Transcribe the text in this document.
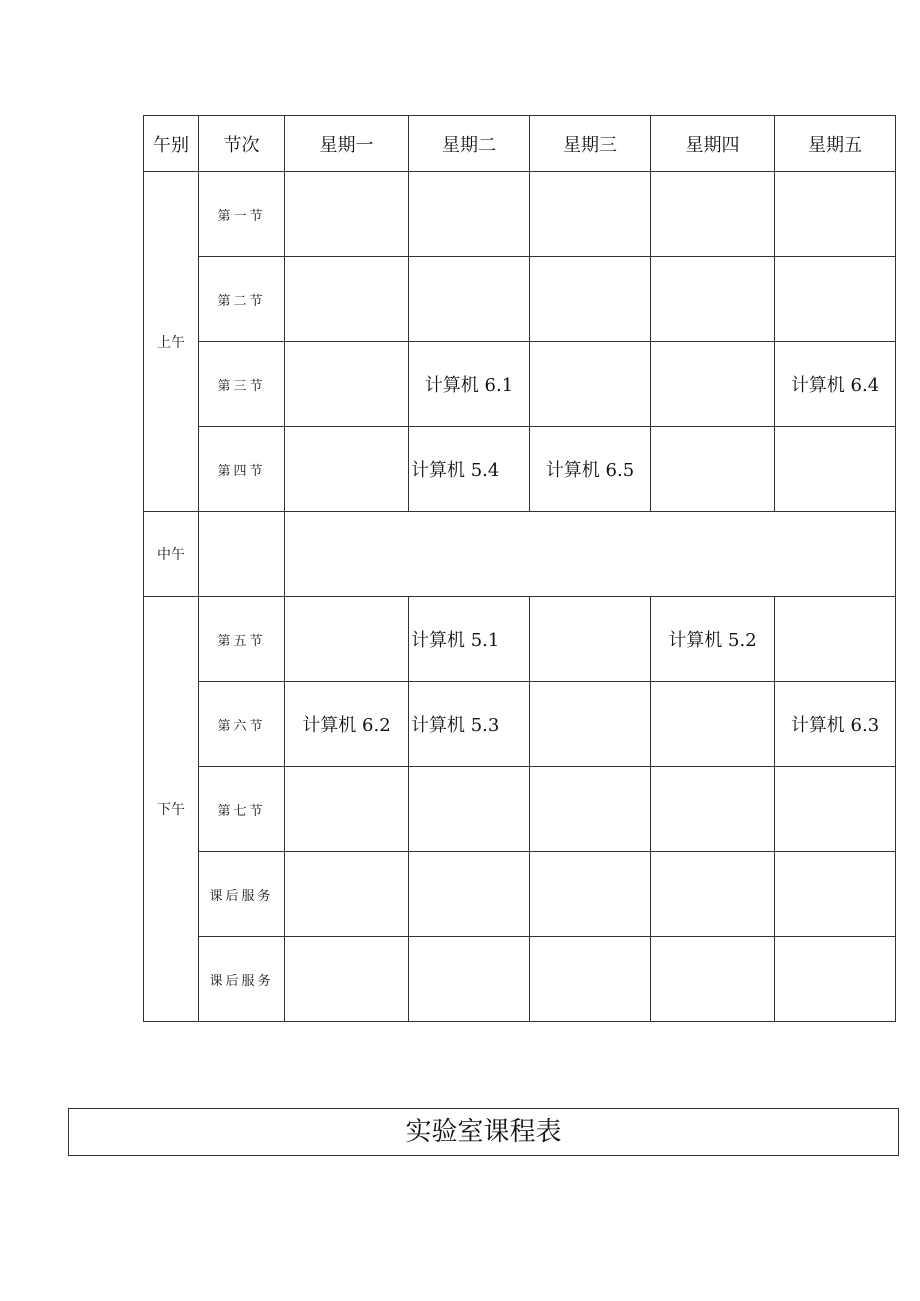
午别	节次	星期一	星期二	星期三	星期四	星期五
上午	第一节					
	第二节					
	第三节		计算机 6.1			计算机 6.4
	第四节		计算机 5.4	计算机 6.5		
中午						
下午	第五节		计算机 5.1		计算机 5.2	
	第六节	计算机 6.2	计算机 5.3			计算机 6.3
	第七节					
	课后服务					
	课后服务					
实验室课程表
